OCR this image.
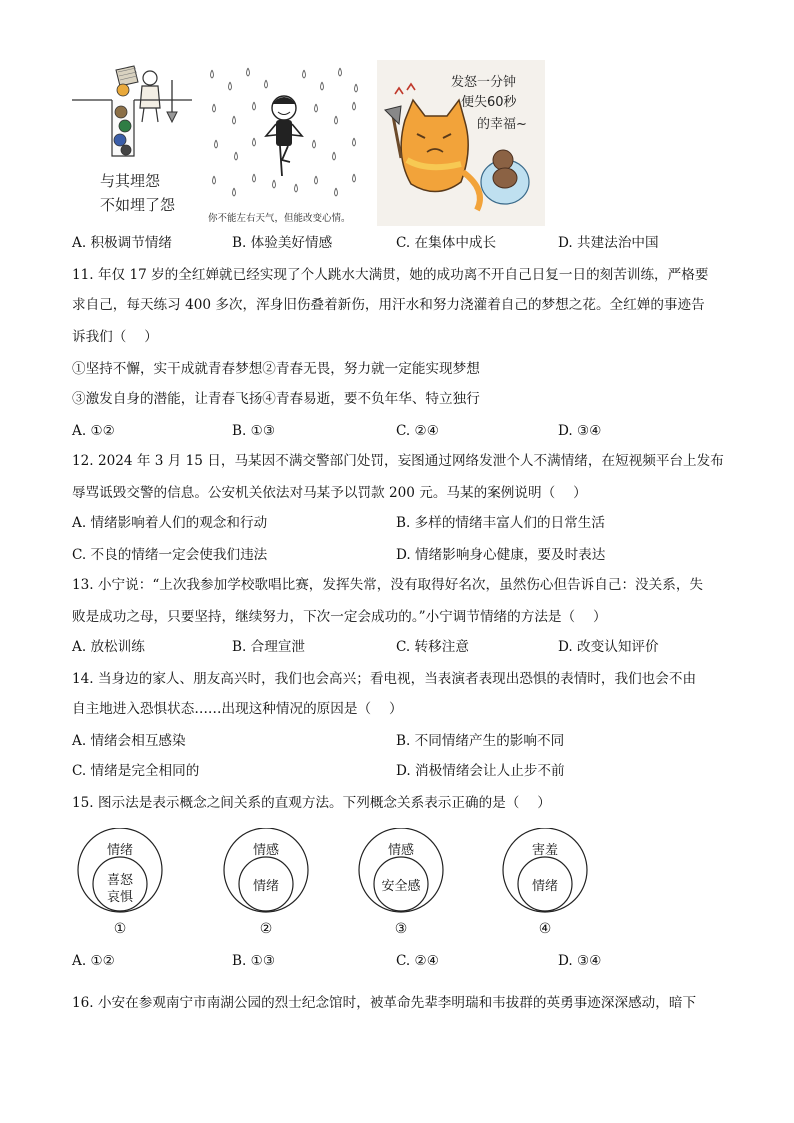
与其埋怨
不如埋了怨
你不能左右天气，但能改变心情。
发怒一分钟
便失60秒
的幸福~
A. 积极调节情绪	B. 体验美好情感	C. 在集体中成长	D. 共建法治中国
11. 年仅 17 岁的全红婵就已经实现了个人跳水大满贯，她的成功离不开自己日复一日的刻苦训练，严格要
求自己，每天练习 400 多次，浑身旧伤叠着新伤，用汗水和努力浇灌着自己的梦想之花。全红婵的事迹告
诉我们（　 ）
①坚持不懈，实干成就青春梦想②青春无畏，努力就一定能实现梦想
③激发自身的潜能，让青春飞扬④青春易逝，要不负年华、特立独行
A. ①②	B. ①③	C. ②④	D. ③④
12. 2024 年 3 月 15 日，马某因不满交警部门处罚，妄图通过网络发泄个人不满情绪，在短视频平台上发布
辱骂诋毁交警的信息。公安机关依法对马某予以罚款 200 元。马某的案例说明（　 ）
A. 情绪影响着人们的观念和行动	B. 多样的情绪丰富人们的日常生活
C. 不良的情绪一定会使我们违法	D. 情绪影响身心健康，要及时表达
13. 小宁说：“上次我参加学校歌唱比赛，发挥失常，没有取得好名次，虽然伤心但告诉自己：没关系，失
败是成功之母，只要坚持，继续努力，下次一定会成功的。”小宁调节情绪的方法是（　 ）
A. 放松训练	B. 合理宣泄	C. 转移注意	D. 改变认知评价
14. 当身边的家人、朋友高兴时，我们也会高兴；看电视，当表演者表现出恐惧的表情时，我们也会不由
自主地进入恐惧状态……出现这种情况的原因是（　 ）
A. 情绪会相互感染	B. 不同情绪产生的影响不同
C. 情绪是完全相同的	D. 消极情绪会让人止步不前
15. 图示法是表示概念之间关系的直观方法。下列概念关系表示正确的是（　 ）
情绪
喜怒
哀惧
①
情感
情绪
②
情感
安全感
③
害羞
情绪
④
A. ①②	B. ①③	C. ②④	D. ③④
16. 小安在参观南宁市南湖公园的烈士纪念馆时，被革命先辈李明瑞和韦拔群的英勇事迹深深感动，暗下
